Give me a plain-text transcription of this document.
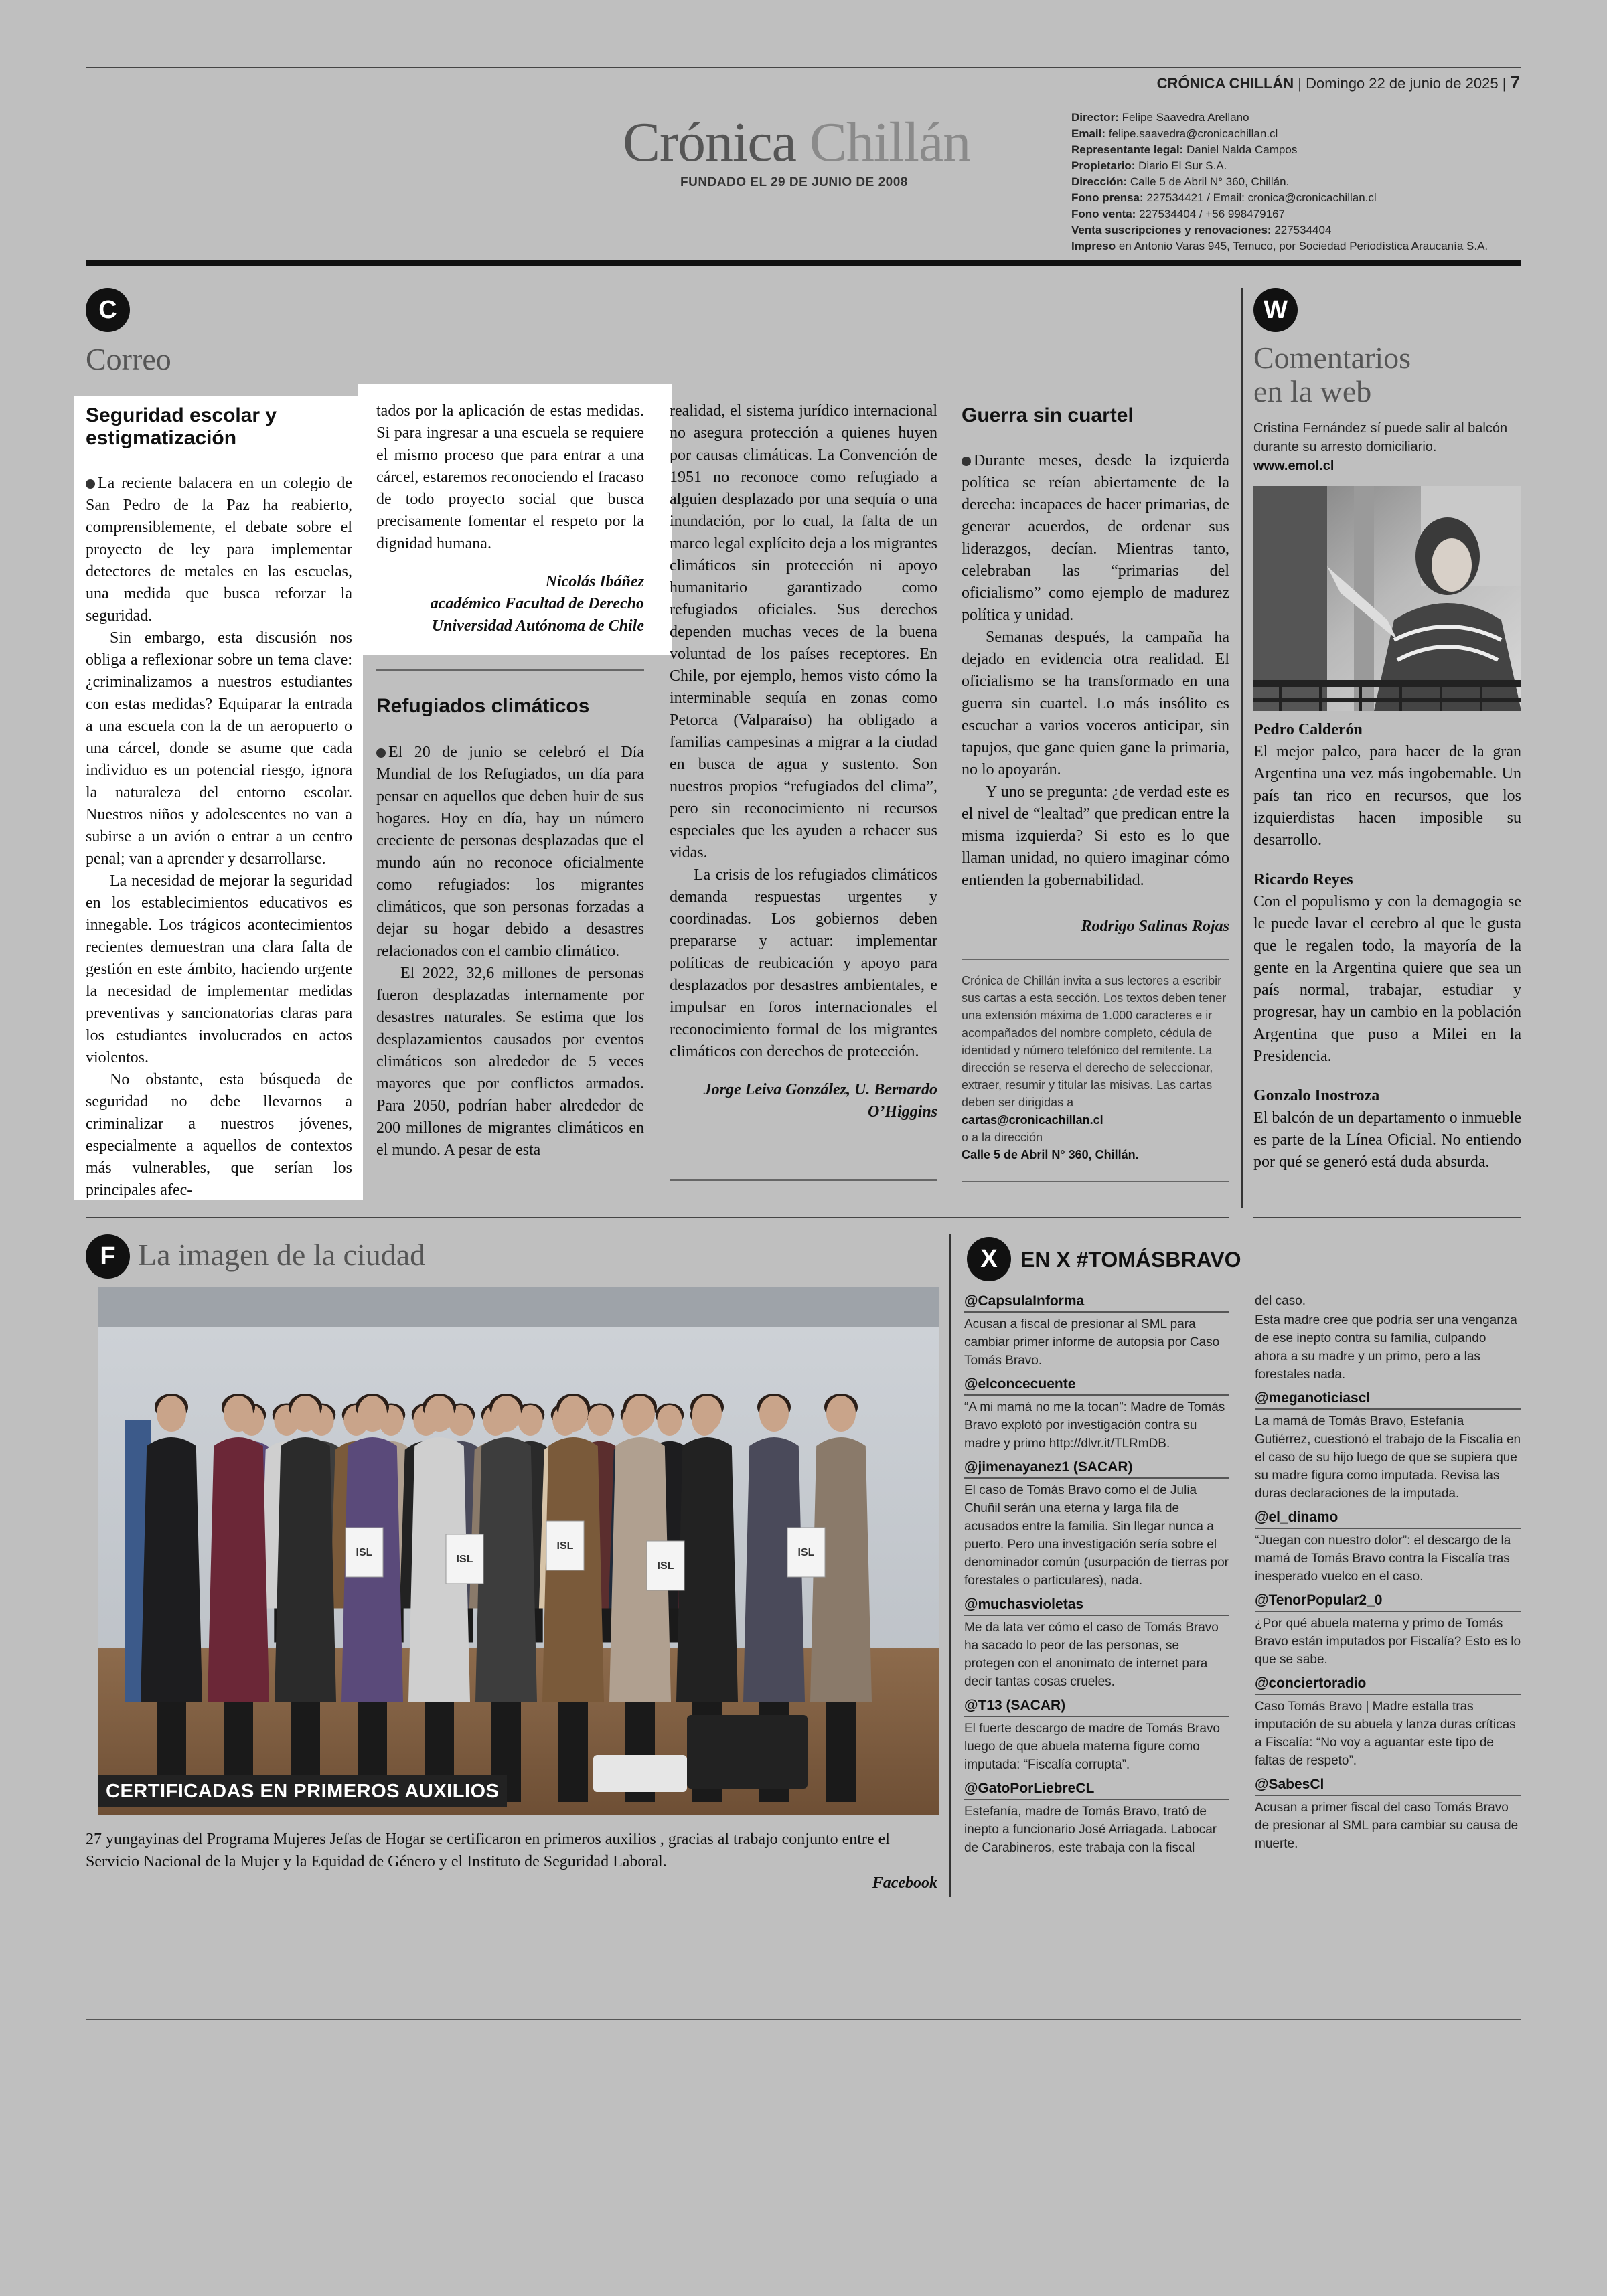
CRÓNICA CHILLÁN | Domingo 22 de junio de 2025 | 7
Crónica Chillán
FUNDADO EL 29 DE JUNIO DE 2008
Director: Felipe Saavedra Arellano
Email: felipe.saavedra@cronicachillan.cl
Representante legal: Daniel Nalda Campos
Propietario: Diario El Sur S.A.
Dirección: Calle 5 de Abril N° 360, Chillán.
Fono prensa: 227534421 / Email: cronica@cronicachillan.cl
Fono venta: 227534404 / +56 998479167
Venta suscripciones y renovaciones: 227534404
Impreso en Antonio Varas 945, Temuco, por Sociedad Periodística Araucanía S.A.
C
Correo
Seguridad escolar y estigmatización

La reciente balacera en un colegio de San Pedro de la Paz ha reabierto, comprensiblemente, el debate sobre el proyecto de ley para implementar detectores de metales en las escuelas, una medida que busca reforzar la seguridad.

Sin embargo, esta discusión nos obliga a reflexionar sobre un tema clave: ¿criminalizamos a nuestros estudiantes con estas medidas? Equiparar la entrada a una escuela con la de un aeropuerto o una cárcel, donde se asume que cada individuo es un potencial riesgo, ignora la naturaleza del entorno escolar. Nuestros niños y adolescentes no van a subirse a un avión o entrar a un centro penal; van a aprender y desarrollarse.

La necesidad de mejorar la seguridad en los establecimientos educativos es innegable. Los trágicos acontecimientos recientes demuestran una clara falta de gestión en este ámbito, haciendo urgente la necesidad de implementar medidas preventivas y sancionatorias claras para los estudiantes involucrados en actos violentos.

No obstante, esta búsqueda de seguridad no debe llevarnos a criminalizar a nuestros jóvenes, especialmente a aquellos de contextos más vulnerables, que serían los principales afec-

tados por la aplicación de estas medidas. Si para ingresar a una escuela se requiere el mismo proceso que para entrar a una cárcel, estaremos reconociendo el fracaso de todo proyecto social que busca precisamente fomentar el respeto por la dignidad humana.

Nicolás Ibáñez
académico Facultad de Derecho
Universidad Autónoma de Chile
Refugiados climáticos

El 20 de junio se celebró el Día Mundial de los Refugiados, un día para pensar en aquellos que deben huir de sus hogares. Hoy en día, hay un número creciente de personas desplazadas que el mundo aún no reconoce oficialmente como refugiados: los migrantes climáticos, que son personas forzadas a dejar su hogar debido a desastres relacionados con el cambio climático.

El 2022, 32,6 millones de personas fueron desplazadas internamente por desastres naturales. Se estima que los desplazamientos causados por eventos climáticos son alrededor de 5 veces mayores que por conflictos armados. Para 2050, podrían haber alrededor de 200 millones de migrantes climáticos en el mundo. A pesar de esta

realidad, el sistema jurídico internacional no asegura protección a quienes huyen por causas climáticas. La Convención de 1951 no reconoce como refugiado a alguien desplazado por una sequía o una inundación, por lo cual, la falta de un marco legal explícito deja a los migrantes climáticos sin protección ni apoyo humanitario garantizado como refugiados oficiales. Sus derechos dependen muchas veces de la buena voluntad de los países receptores. En Chile, por ejemplo, hemos visto cómo la interminable sequía en zonas como Petorca (Valparaíso) ha obligado a familias campesinas a migrar a la ciudad en busca de agua y sustento. Son nuestros propios “refugiados del clima”, pero sin reconocimiento ni recursos especiales que les ayuden a rehacer sus vidas.

La crisis de los refugiados climáticos demanda respuestas urgentes y coordinadas. Los gobiernos deben prepararse y actuar: implementar políticas de reubicación y apoyo para desplazados por desastres ambientales, e impulsar en foros internacionales el reconocimiento formal de los migrantes climáticos con derechos de protección.

Jorge Leiva González, U. Bernardo O’Higgins
Guerra sin cuartel

Durante meses, desde la izquierda política se reían abiertamente de la derecha: incapaces de hacer primarias, de generar acuerdos, de ordenar sus liderazgos, decían. Mientras tanto, celebraban las “primarias del oficialismo” como ejemplo de madurez política y unidad.

Semanas después, la campaña ha dejado en evidencia otra realidad. El oficialismo se ha transformado en una guerra sin cuartel. Lo más insólito es escuchar a varios voceros anticipar, sin tapujos, que gane quien gane la primaria, no lo apoyarán.

Y uno se pregunta: ¿de verdad este es el nivel de “lealtad” que predican entre la misma izquierda? Si esto es lo que llaman unidad, no quiero imaginar cómo entienden la gobernabilidad.

Rodrigo Salinas Rojas
Crónica de Chillán invita a sus lectores a escribir sus cartas a esta sección. Los textos deben tener una extensión máxima de 1.000 caracteres e ir acompañados del nombre completo, cédula de identidad y número telefónico del remitente. La dirección se reserva el derecho de seleccionar, extraer, resumir y titular las misivas. Las cartas deben ser dirigidas a
cartas@cronicachillan.cl
o a la dirección
Calle 5 de Abril N° 360, Chillán.
W
Comentarios
en la web
Cristina Fernández sí puede salir al balcón durante su arresto domiciliario.
www.emol.cl
Pedro Calderón
El mejor palco, para hacer de la gran Argentina una vez más ingobernable. Un país tan rico en recursos, que los izquierdistas hacen imposible su desarrollo.
Ricardo Reyes
Con el populismo y con la demagogia se le puede lavar el cerebro al que le gusta que le regalen todo, la mayoría de la gente en la Argentina quiere que sea un país normal, trabajar, estudiar y progresar, hay un cambio en la población Argentina que puso a Milei en la Presidencia.
Gonzalo Inostroza
El balcón de un departamento o inmueble es parte de la Línea Oficial. No entiendo por qué se generó está duda absurda.
F La imagen de la ciudad
ISL
ISL
ISL
ISL
ISL
CERTIFICADAS EN PRIMEROS AUXILIOS
27 yungayinas del Programa Mujeres Jefas de Hogar se certificaron en primeros auxilios , gracias al trabajo conjunto entre el Servicio Nacional de la Mujer y la Equidad de Género y el Instituto de Seguridad Laboral.
Facebook
X	EN X #TOMÁSBRAVO
@CapsulaInforma
Acusan a fiscal de presionar al SML para cambiar primer informe de autopsia por Caso Tomás Bravo.
@elconcecuente
“A mi mamá no me la tocan”: Madre de Tomás Bravo explotó por investigación contra su madre y primo http://dlvr.it/TLRmDB.
@jimenayanez1 (SACAR)
El caso de Tomás Bravo como el de Julia Chuñil serán una eterna y larga fila de acusados entre la familia. Sin llegar nunca a puerto. Pero una investigación sería sobre el denominador común (usurpación de tierras por forestales o particulares), nada.
@muchasvioletas
Me da lata ver cómo el caso de Tomás Bravo ha sacado lo peor de las personas, se protegen con el anonimato de internet para decir tantas cosas crueles.
@T13 (SACAR)
El fuerte descargo de madre de Tomás Bravo luego de que abuela materna figure como imputada: “Fiscalía corrupta”.
@GatoPorLiebreCL
Estefanía, madre de Tomás Bravo, trató de inepto a funcionario José Arriagada. Labocar de Carabineros, este trabaja con la fiscal
del caso.
Esta madre cree que podría ser una venganza de ese inepto contra su familia, culpando ahora a su madre y un primo, pero a las forestales nada.
@meganoticiascl
La mamá de Tomás Bravo, Estefanía Gutiérrez, cuestionó el trabajo de la Fiscalía en el caso de su hijo luego de que se supiera que su madre figura como imputada. Revisa las duras declaraciones de la imputada.
@el_dinamo
“Juegan con nuestro dolor”: el descargo de la mamá de Tomás Bravo contra la Fiscalía tras inesperado vuelco en el caso.
@TenorPopular2_0
¿Por qué abuela materna y primo de Tomás Bravo están imputados por Fiscalía? Esto es lo que se sabe.
@conciertoradio
Caso Tomás Bravo | Madre estalla tras imputación de su abuela y lanza duras críticas a Fiscalía: “No voy a aguantar este tipo de faltas de respeto”.
@SabesCl
Acusan a primer fiscal del caso Tomás Bravo de presionar al SML para cambiar su causa de muerte.
